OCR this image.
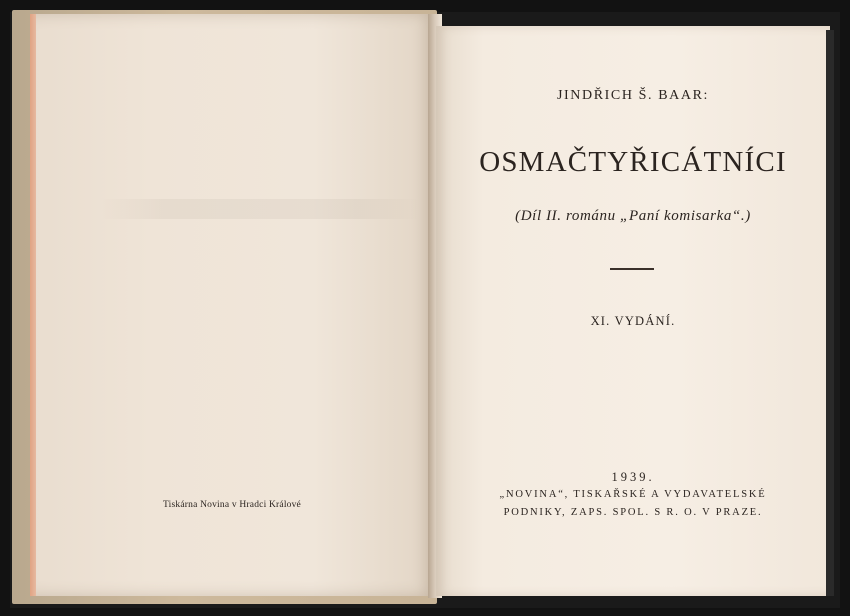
Tiskárna Novina v Hradci Králové
JINDŘICH Š. BAAR:
OSMAČTYŘICÁTNÍCI
(Díl II. románu „Paní komisarka“.)
XI. VYDÁNÍ.
1939.
„NOVINA“, TISKAŘSKÉ A VYDAVATELSKÉ
PODNIKY, ZAPS. SPOL. S R. O. V PRAZE.
